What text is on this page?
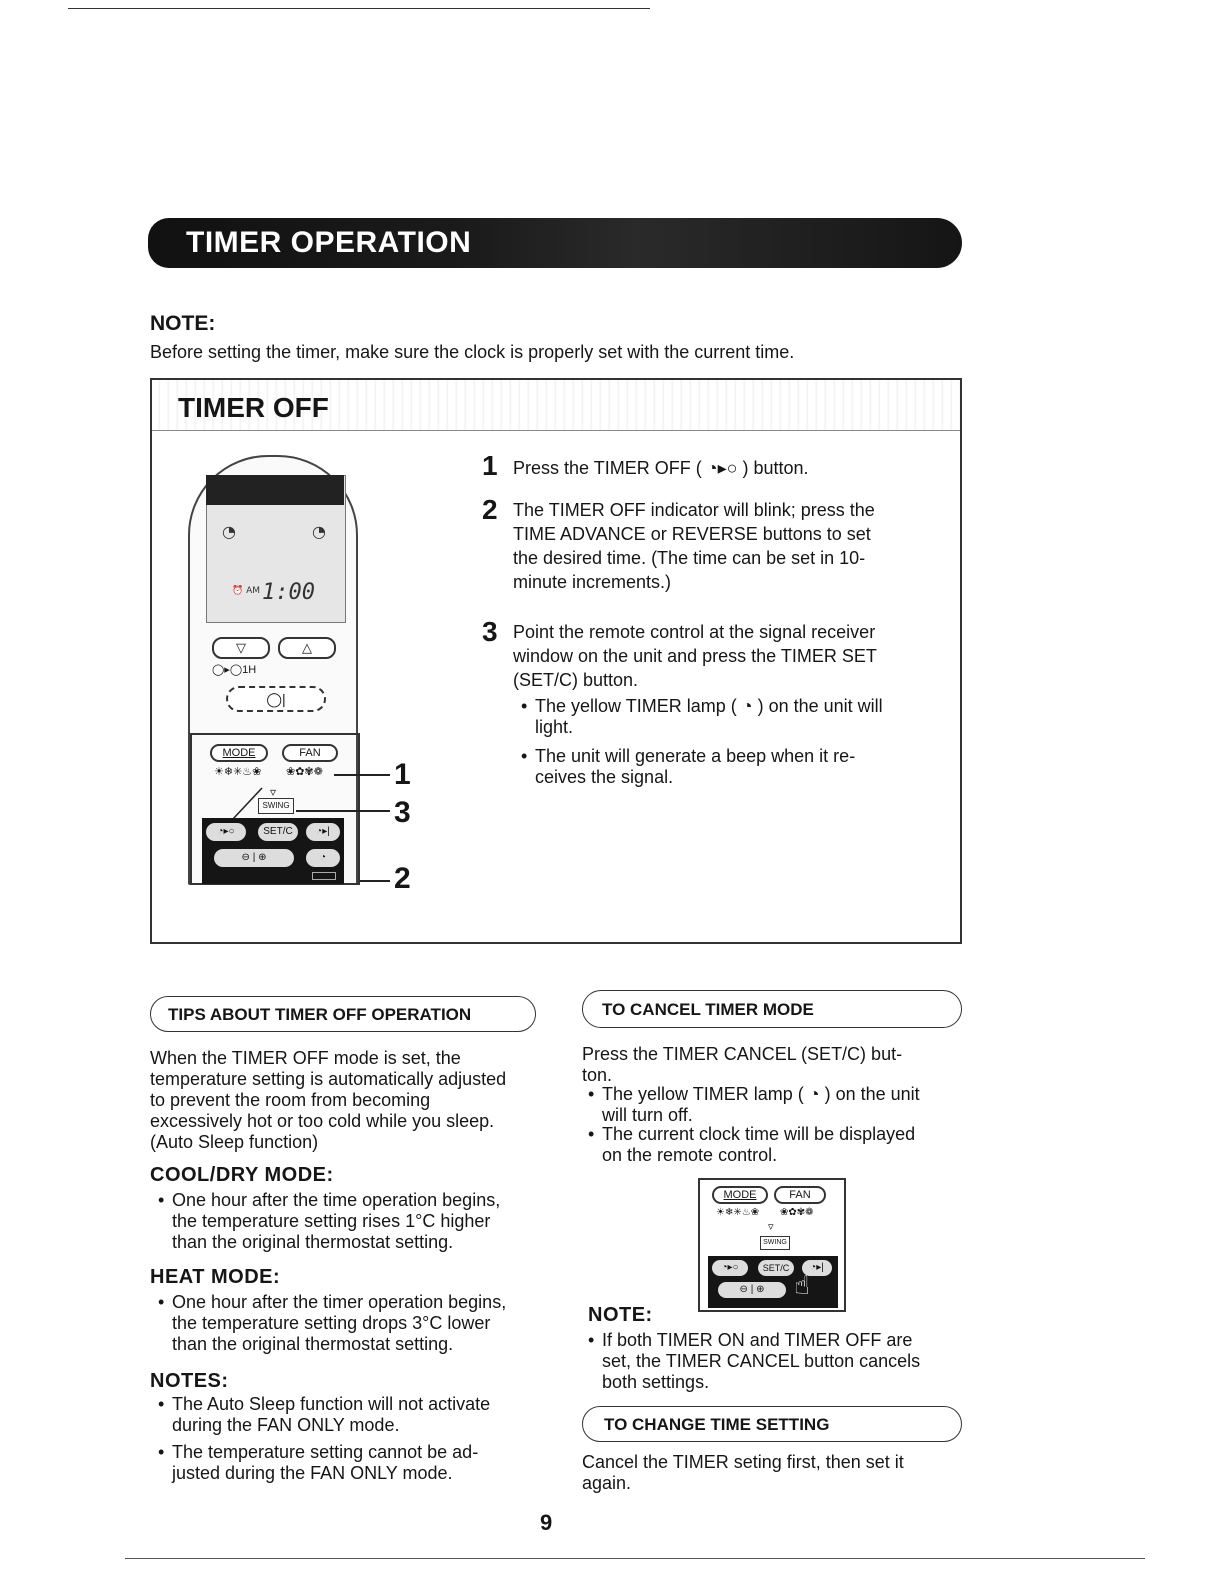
TIMER OPERATION
NOTE:
Before setting the timer, make sure the clock is properly set with the current time.
TIMER OFF
◔	◔
⏰ AM 1:00
▽	△
◯▸◯1H
◯|
MODE	FAN
☀❄✳♨❀ ❀✿✾❁
▿
SWING
◔▸○	SET/C	◔▸|
⊖ | ⊕	◔
1
3
2
1 Press the TIMER OFF ( ◔▸○ ) button.
2 The TIMER OFF indicator will blink; press the
TIME ADVANCE or REVERSE buttons to set
the desired time. (The time can be set in 10-
minute increments.)
3 Point the remote control at the signal receiver
window on the unit and press the TIMER SET
(SET/C) button.
• The yellow TIMER lamp ( ◔ ) on the unit will
light.
• The unit will generate a beep when it re-
ceives the signal.
TIPS ABOUT TIMER OFF OPERATION
When the TIMER OFF mode is set, the
temperature setting is automatically adjusted
to prevent the room from becoming
excessively hot or too cold while you sleep.
(Auto Sleep function)
COOL/DRY MODE:
• One hour after the time operation begins,
the temperature setting rises 1°C higher
than the original thermostat setting.
HEAT MODE:
• One hour after the timer operation begins,
the temperature setting drops 3°C lower
than the original thermostat setting.
NOTES:
• The Auto Sleep function will not activate
during the FAN ONLY mode.
• The temperature setting cannot be ad-
justed during the FAN ONLY mode.
TO CANCEL TIMER MODE
Press the TIMER CANCEL (SET/C) but-
ton.
• The yellow TIMER lamp ( ◔ ) on the unit
will turn off.
• The current clock time will be displayed
on the remote control.
MODE	FAN
☀❄✳♨❀ ❀✿✾❁
▿
SWING
◔▸○	SET/C	◔▸|
⊖ | ⊕	☝
NOTE:
• If both TIMER ON and TIMER OFF are
set, the TIMER CANCEL button cancels
both settings.
TO CHANGE TIME SETTING
Cancel the TIMER seting first, then set it
again.
9
